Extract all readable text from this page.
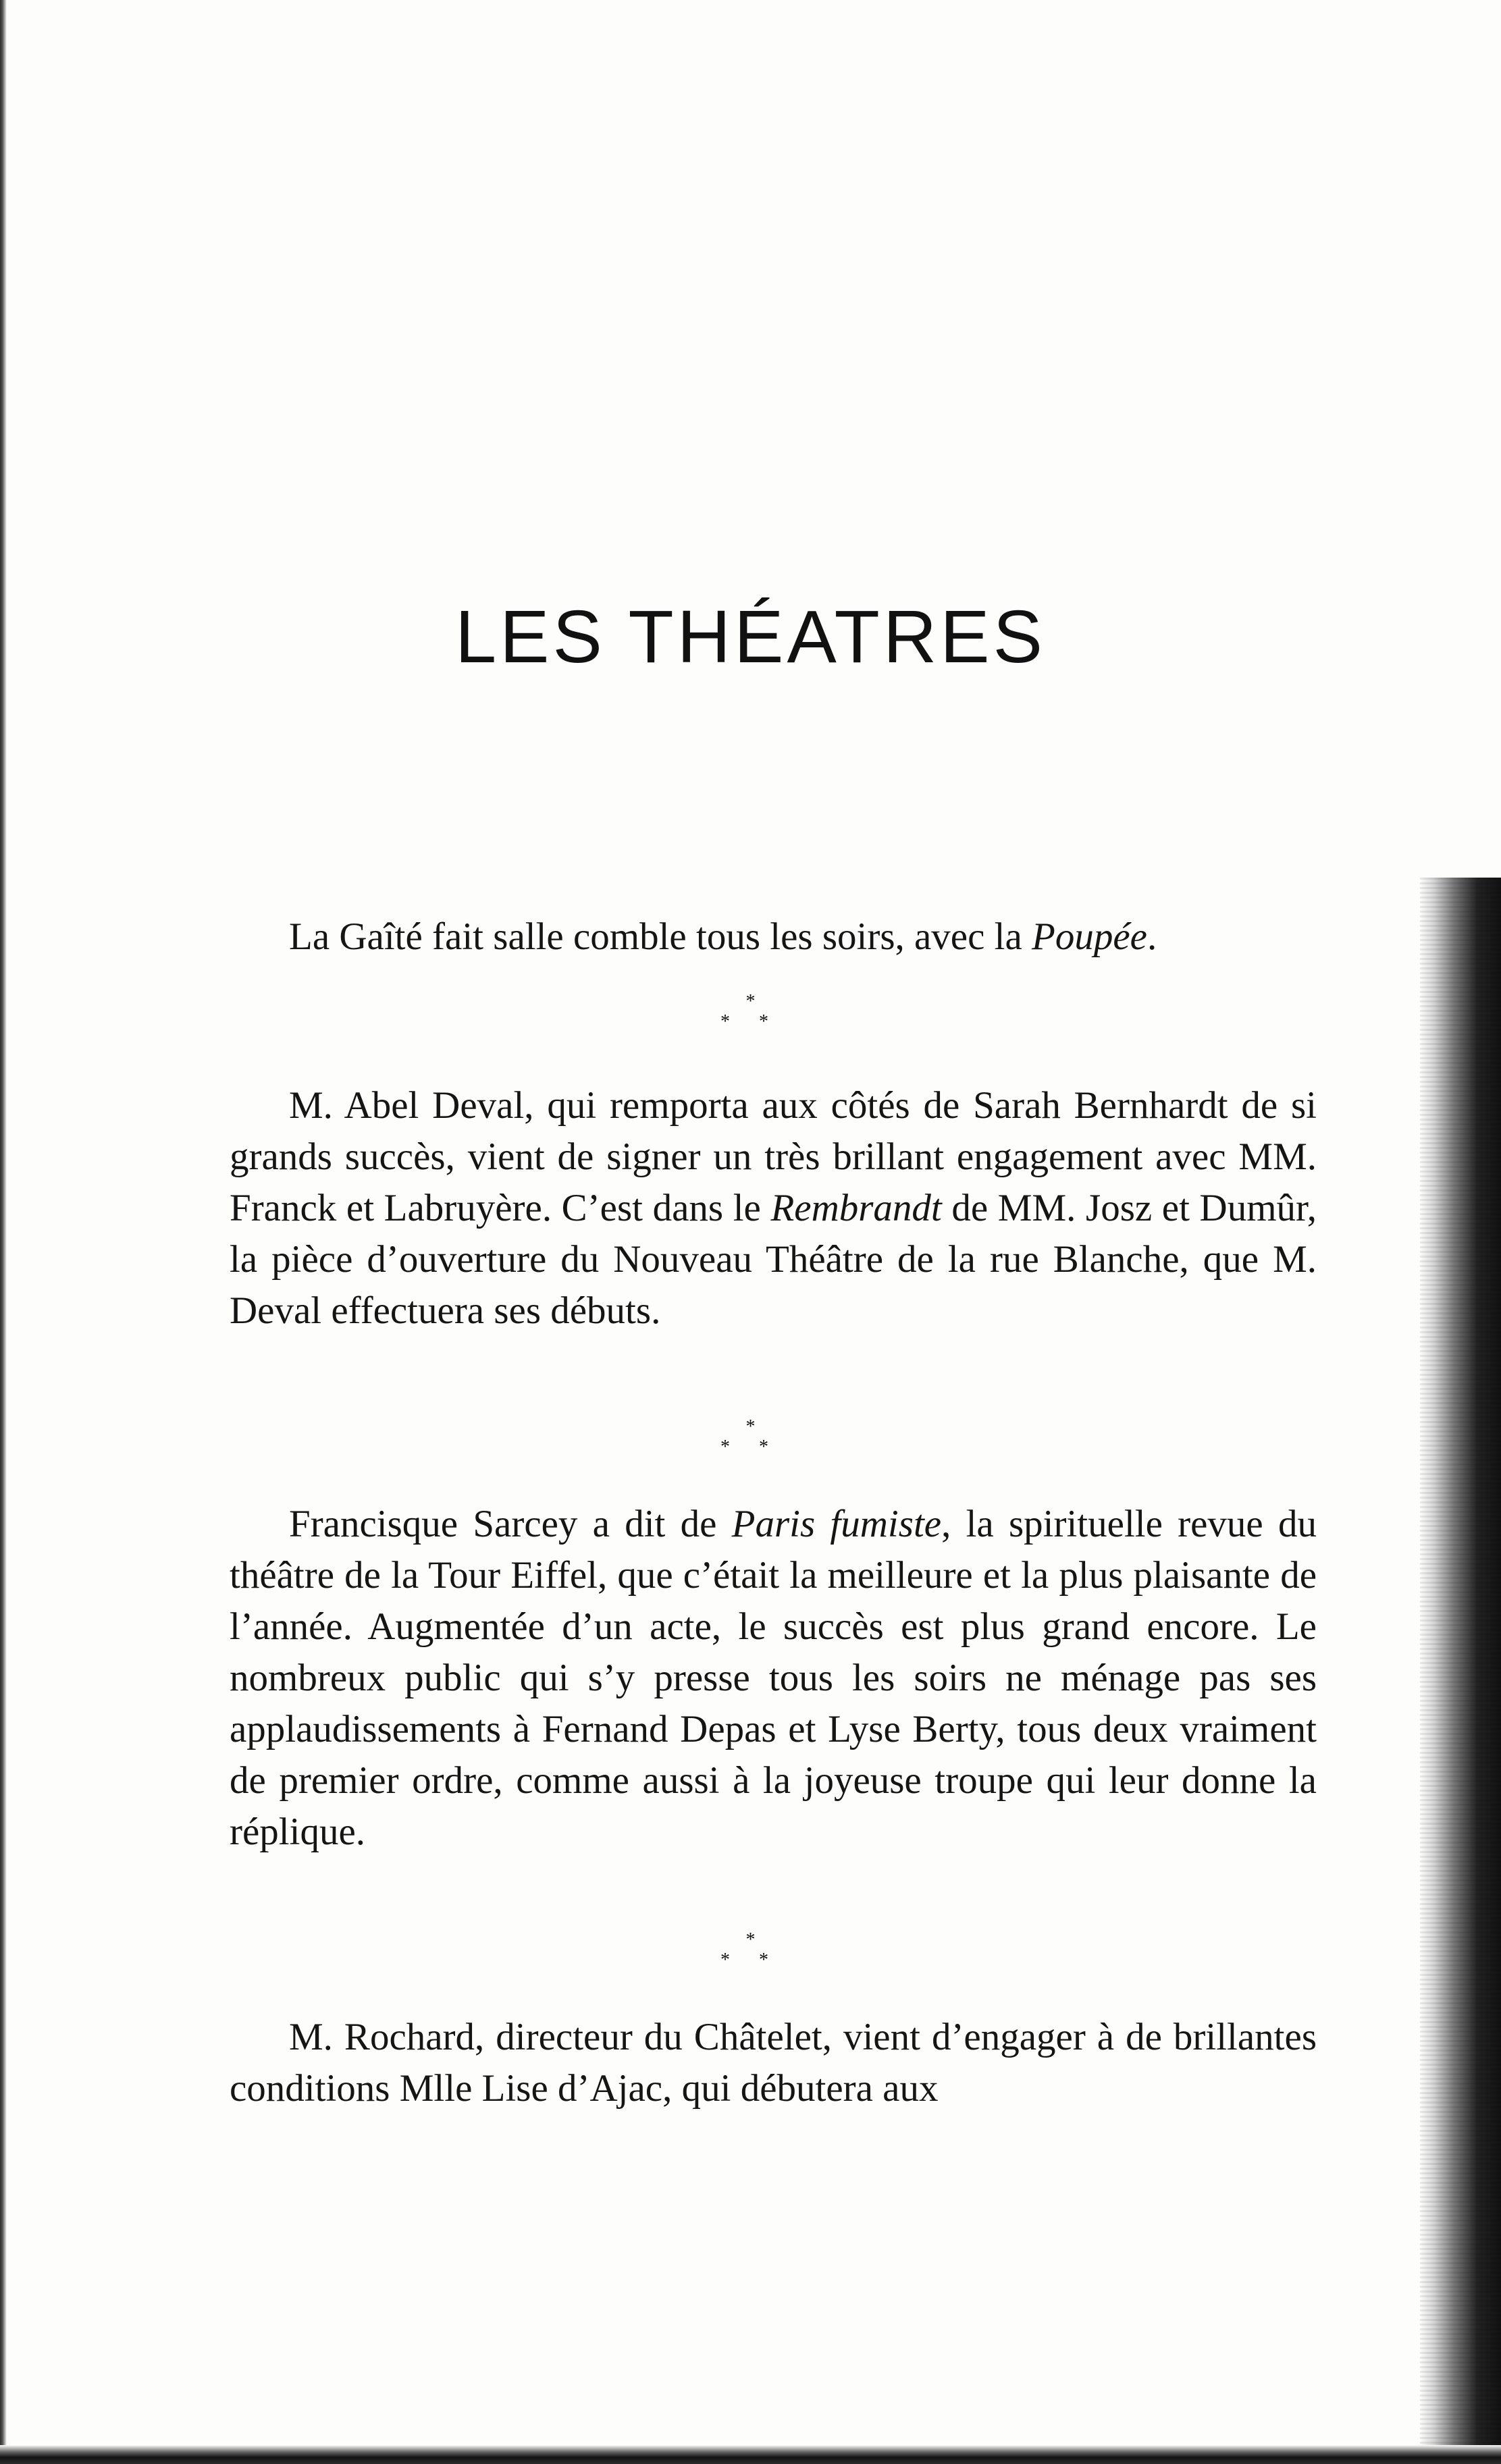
LES THÉATRES
La Gaîté fait salle comble tous les soirs, avec la Poupée.
*
* *
M. Abel Deval, qui remporta aux côtés de Sarah Bernhardt de si grands succès, vient de signer un très brillant engagement avec MM. Franck et Labruyère. C’est dans le Rembrandt de MM. Josz et Dumûr, la pièce d’ouverture du Nouveau Théâtre de la rue Blanche, que M. Deval effectuera ses débuts.
*
* *
Francisque Sarcey a dit de Paris fumiste, la spirituelle revue du théâtre de la Tour Eiffel, que c’était la meilleure et la plus plaisante de l’année. Augmentée d’un acte, le succès est plus grand encore. Le nombreux public qui s’y presse tous les soirs ne ménage pas ses applaudissements à Fernand Depas et Lyse Berty, tous deux vraiment de premier ordre, comme aussi à la joyeuse troupe qui leur donne la réplique.
*
* *
M. Rochard, directeur du Châtelet, vient d’engager à de brillantes conditions Mlle Lise d’Ajac, qui débutera aux
